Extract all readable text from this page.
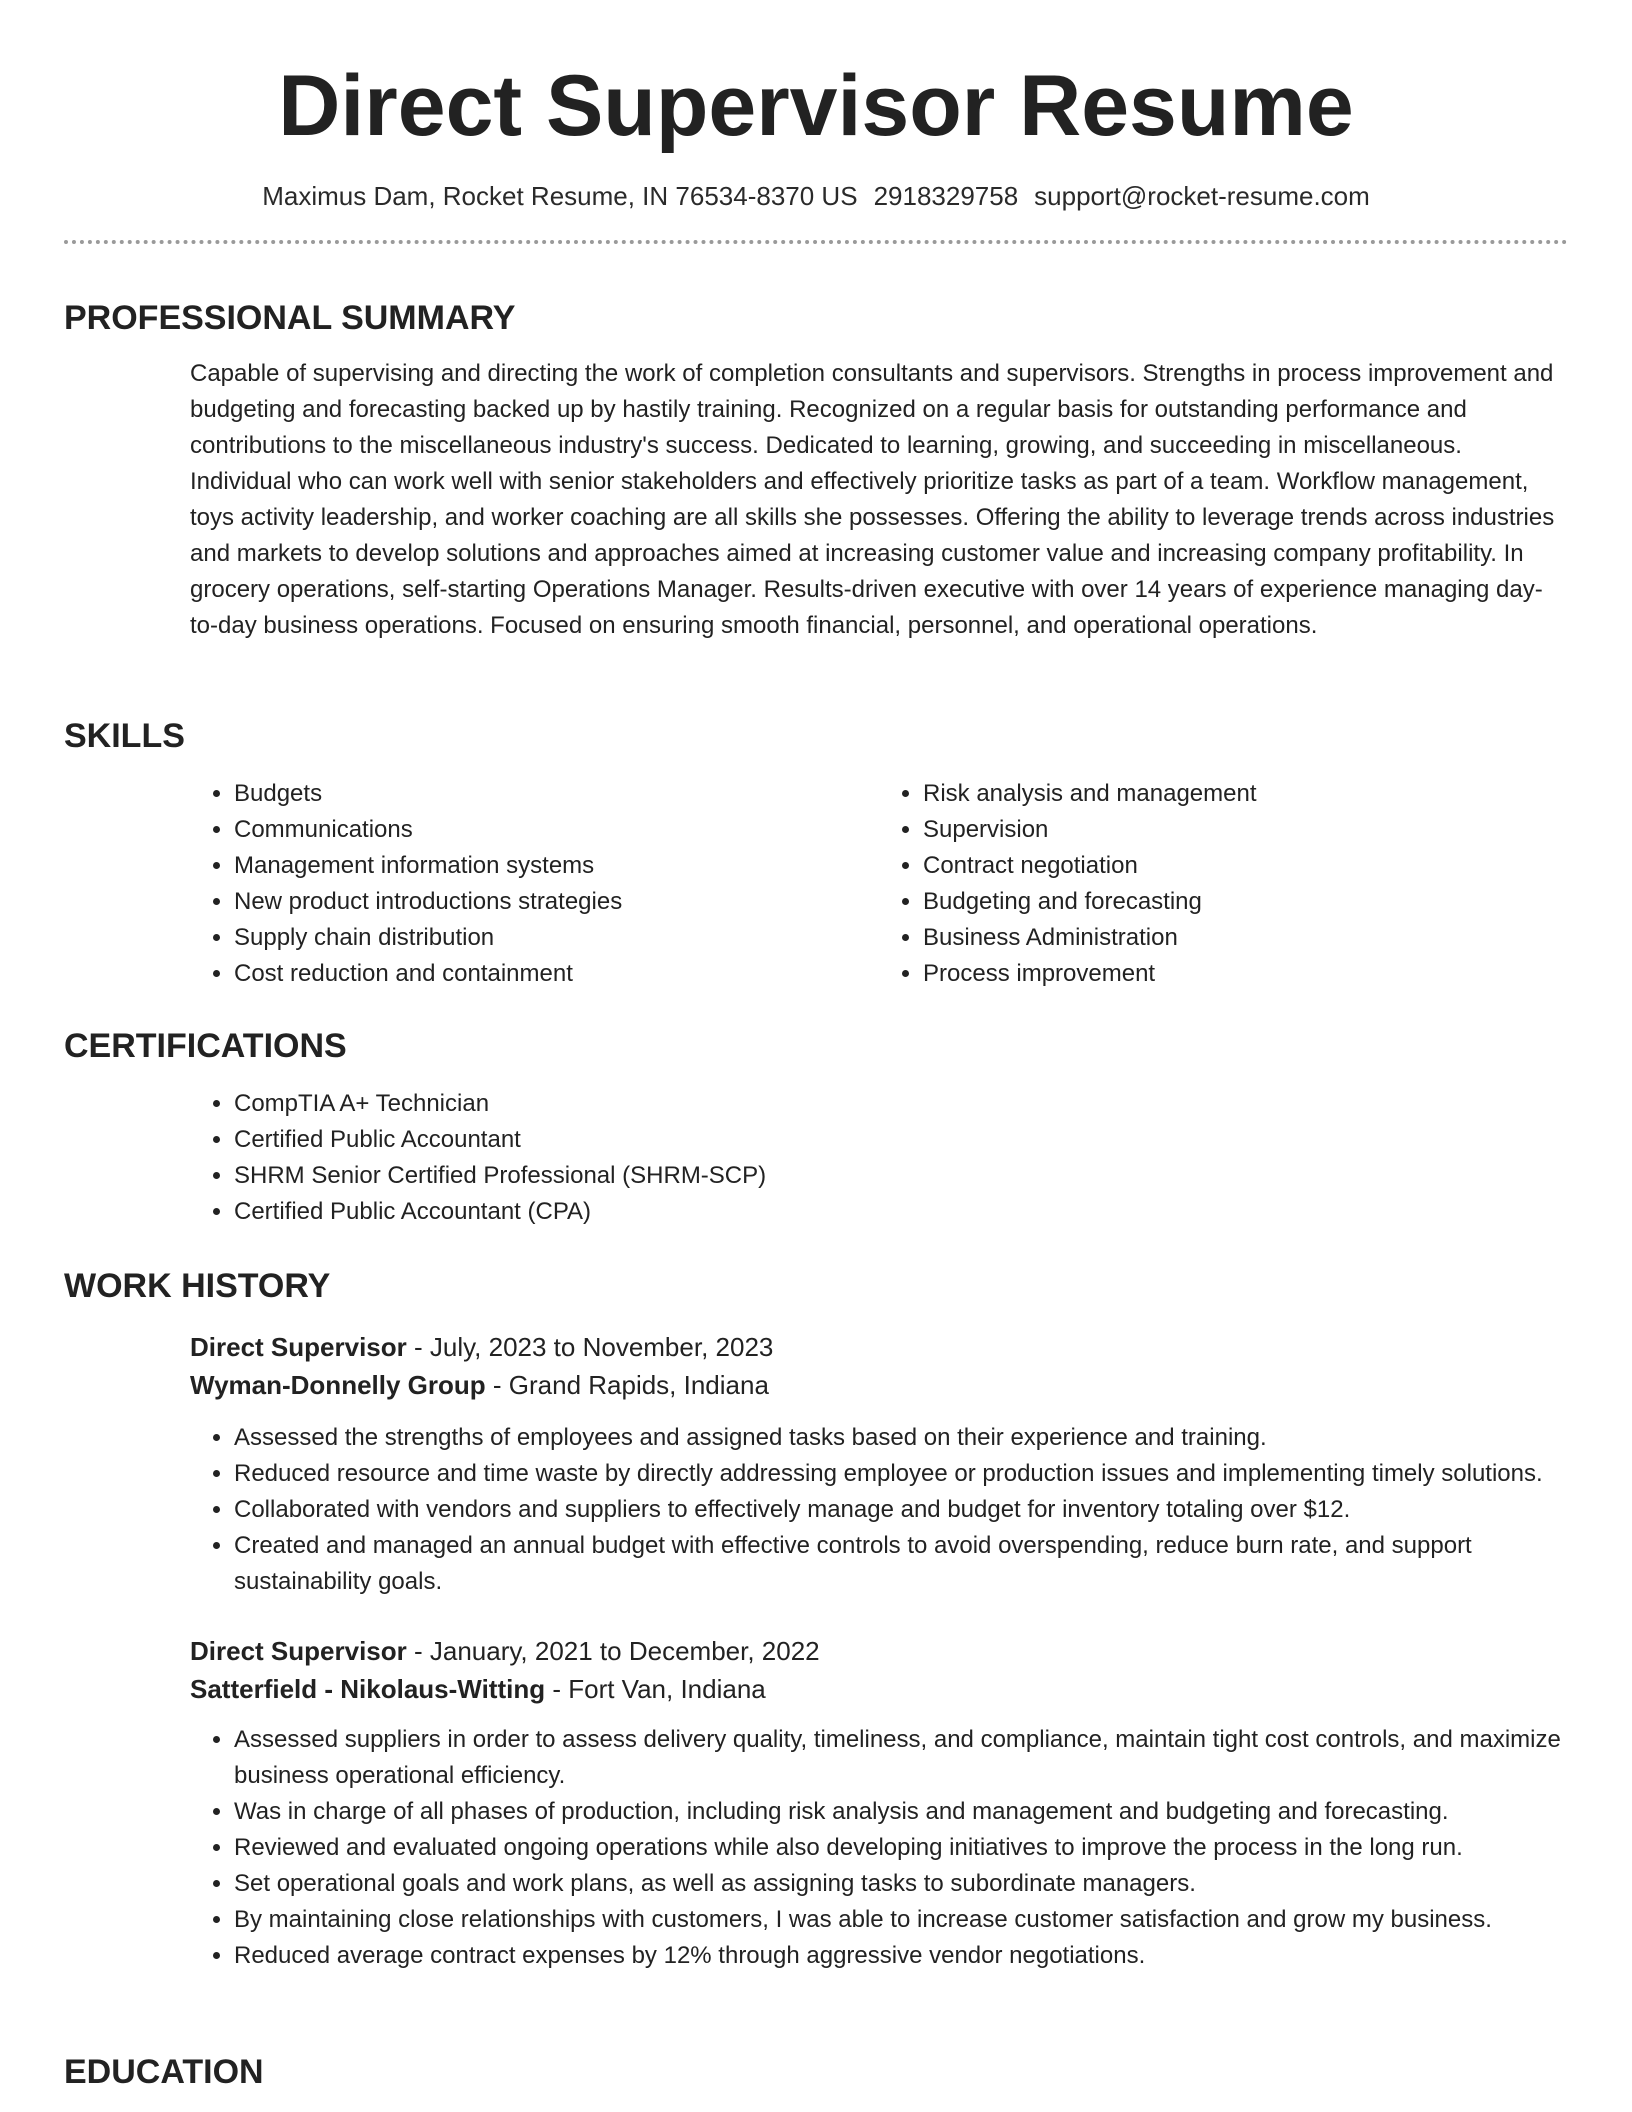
Direct Supervisor Resume
Maximus Dam, Rocket Resume, IN 76534-8370 US 2918329758 support@rocket-resume.com
PROFESSIONAL SUMMARY

Capable of supervising and directing the work of completion consultants and supervisors. Strengths in process improvement and budgeting and forecasting backed up by hastily training. Recognized on a regular basis for outstanding performance and contributions to the miscellaneous industry's success. Dedicated to learning, growing, and succeeding in miscellaneous. Individual who can work well with senior stakeholders and effectively prioritize tasks as part of a team. Workflow management, toys activity leadership, and worker coaching are all skills she possesses. Offering the ability to leverage trends across industries and markets to develop solutions and approaches aimed at increasing customer value and increasing company profitability. In grocery operations, self-starting Operations Manager. Results-driven executive with over 14 years of experience managing day-to-day business operations. Focused on ensuring smooth financial, personnel, and operational operations.

SKILLS
• Budgets
• Communications
• Management information systems
• New product introductions strategies
• Supply chain distribution
• Cost reduction and containment
• Risk analysis and management
• Supervision
• Contract negotiation
• Budgeting and forecasting
• Business Administration
• Process improvement
CERTIFICATIONS
• CompTIA A+ Technician
• Certified Public Accountant
• SHRM Senior Certified Professional (SHRM-SCP)
• Certified Public Accountant (CPA)
WORK HISTORY
Direct Supervisor - July, 2023 to November, 2023
Wyman-Donnelly Group - Grand Rapids, Indiana
• Assessed the strengths of employees and assigned tasks based on their experience and training.
• Reduced resource and time waste by directly addressing employee or production issues and implementing timely solutions.
• Collaborated with vendors and suppliers to effectively manage and budget for inventory totaling over $12.
• Created and managed an annual budget with effective controls to avoid overspending, reduce burn rate, and support sustainability goals.
Direct Supervisor - January, 2021 to December, 2022
Satterfield - Nikolaus-Witting - Fort Van, Indiana
• Assessed suppliers in order to assess delivery quality, timeliness, and compliance, maintain tight cost controls, and maximize business operational efficiency.
• Was in charge of all phases of production, including risk analysis and management and budgeting and forecasting.
• Reviewed and evaluated ongoing operations while also developing initiatives to improve the process in the long run.
• Set operational goals and work plans, as well as assigning tasks to subordinate managers.
• By maintaining close relationships with customers, I was able to increase customer satisfaction and grow my business.
• Reduced average contract expenses by 12% through aggressive vendor negotiations.
EDUCATION
